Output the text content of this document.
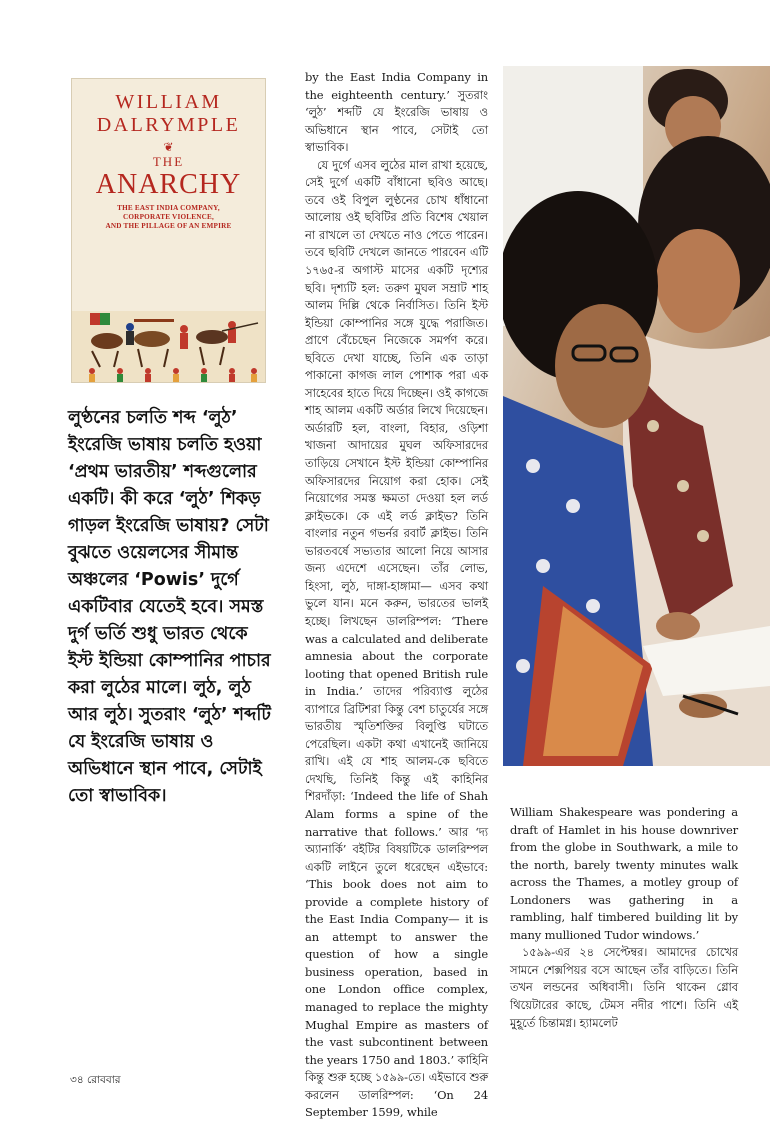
WILLIAM DALRYMPLE
❦
THE
ANARCHY
THE EAST INDIA COMPANY,
CORPORATE VIOLENCE,
AND THE PILLAGE OF AN EMPIRE

লুণ্ঠনের চলতি শব্দ ‘লুঠ’ ইংরেজি ভাষায় চলতি হওয়া ‘প্রথম ভারতীয়’ শব্দগুলোর একটি। কী করে ‘লুঠ’ শিকড় গাড়ল ইংরেজি ভাষায়? সেটা বুঝতে ওয়েলসের সীমান্ত অঞ্চলের ‘Powis’ দুর্গে একটিবার যেতেই হবে। সমস্ত দুর্গ ভর্তি শুধু ভারত থেকে ইস্ট ইন্ডিয়া কোম্পানির পাচার করা লুঠের মালে। লুঠ, লুঠ আর লুঠ। সুতরাং ‘লুঠ’ শব্দটি যে ইংরেজি ভাষায় ও অভিধানে স্থান পাবে, সেটাই তো স্বাভাবিক।

by the East India Company in the eighteenth century.’ সুতরাং ‘লুঠ’ শব্দটি যে ইংরেজি ভাষায় ও অভিধানে স্থান পাবে, সেটাই তো স্বাভাবিক।

যে দুর্গে এসব লুঠের মাল রাখা হয়েছে, সেই দুর্গে একটি বাঁধানো ছবিও আছে। তবে ওই বিপুল লুণ্ঠনের চোখ ধাঁধানো আলোয় ওই ছবিটির প্রতি বিশেষ খেয়াল না রাখলে তা দেখতে নাও পেতে পারেন। তবে ছবিটি দেখলে জানতে পারবেন এটি ১৭৬৫-র অগাস্ট মাসের একটি দৃশ্যের ছবি। দৃশ্যটি হল: তরুণ মুঘল সম্রাট শাহ আলম দিল্লি থেকে নির্বাসিত। তিনি ইস্ট ইন্ডিয়া কোম্পানির সঙ্গে যুদ্ধে পরাজিত। প্রাণে বেঁচেছেন নিজেকে সমর্পণ করে। ছবিতে দেখা যাচ্ছে, তিনি এক তাড়া পাকানো কাগজ লাল পোশাক পরা এক সাহেবের হাতে দিয়ে দিচ্ছেন। ওই কাগজে শাহ আলম একটি অর্ডার লিখে দিয়েছেন। অর্ডারটি হল, বাংলা, বিহার, ওড়িশা খাজনা আদায়ের মুঘল অফিসারদের তাড়িয়ে সেখানে ইস্ট ইন্ডিয়া কোম্পানির অফিসারদের নিয়োগ করা হোক। সেই নিয়োগের সমস্ত ক্ষমতা দেওয়া হল লর্ড ক্লাইভকে। কে এই লর্ড ক্লাইভ? তিনি বাংলার নতুন গভর্নর রবার্ট ক্লাইভ। তিনি ভারতবর্ষে সভ্যতার আলো নিয়ে আসার জন্য এদেশে এসেছেন। তাঁর লোভ, হিংসা, লুঠ, দাঙ্গা-হাঙ্গামা— এসব কথা ভুলে যান। মনে করুন, ভারতের ভালই হচ্ছে। লিখছেন ডালরিম্পল: ‘There was a calculated and deliberate amnesia about the corporate looting that opened British rule in India.’ তাদের পরিব্যাপ্ত লুঠের ব্যাপারে ব্রিটিশরা কিন্তু বেশ চাতুর্যের সঙ্গে ভারতীয় স্মৃতিশক্তির বিলুপ্তি ঘটাতে পেরেছিল। একটা কথা এখানেই জানিয়ে রাখি। এই যে শাহ আলম-কে ছবিতে দেখছি, তিনিই কিন্তু এই কাহিনির শিরদাঁড়া: ‘Indeed the life of Shah Alam forms a spine of the narrative that follows.’ আর ‘দ্য অ্যানার্কি’ বইটির বিষয়টিকে ডালরিম্পল একটি লাইনে তুলে ধরেছেন এইভাবে: ‘This book does not aim to provide a complete history of the East India Company— it is an attempt to answer the question of how a single business operation, based in one London office complex, managed to replace the mighty Mughal Empire as masters of the vast subcontinent between the years 1750 and 1803.’ কাহিনি কিন্তু শুরু হচ্ছে ১৫৯৯-তে। এইভাবে শুরু করলেন ডালরিম্পল: ‘On 24 September 1599, while

William Shakespeare was pondering a draft of Hamlet in his house downriver from the globe in Southwark, a mile to the north, barely twenty minutes walk across the Thames, a motley group of Londoners was gathering in a rambling, half timbered building lit by many mullioned Tudor windows.’

১৫৯৯-এর ২৪ সেপ্টেম্বর। আমাদের চোখের সামনে শেক্সপিয়র বসে আছেন তাঁর বাড়িতে। তিনি তখন লন্ডনের অধিবাসী। তিনি থাকেন গ্লোব থিয়েটারের কাছে, টেমস নদীর পাশে। তিনি এই মুহূর্তে চিন্তামগ্ন। হ্যামলেট

৩৪ রোববার
